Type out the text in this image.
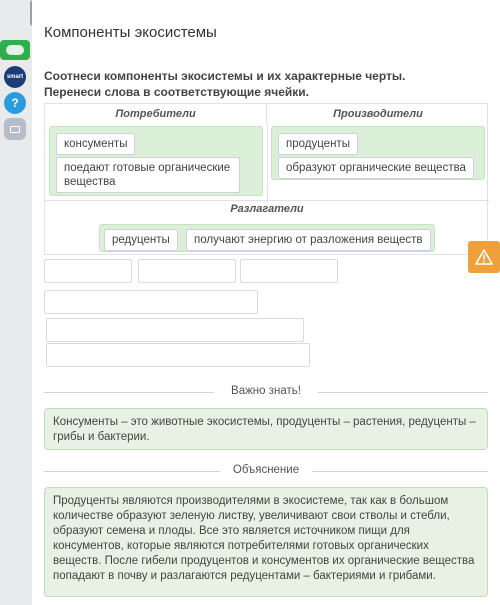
smart
?
Компоненты экосистемы
Соотнеси компоненты экосистемы и их характерные черты. Перенеси слова в соответствующие ячейки.
Потребители	Производители
консументы
поедают готовые органические вещества
продуценты
образуют органические вещества
Разлагатели
редуценты	получают энергию от разложения веществ
Важно знать!
Консументы – это животные экосистемы, продуценты – растения, редуценты – грибы и бактерии.
Объяснение
Продуценты являются производителями в экосистеме, так как в большом количестве образуют зеленую листву, увеличивают свои стволы и стебли, образуют семена и плоды. Все это является источником пищи для консументов, которые являются потребителями готовых органических веществ. После гибели продуцентов и консументов их органические вещества попадают в почву и разлагаются редуцентами – бактериями и грибами.
